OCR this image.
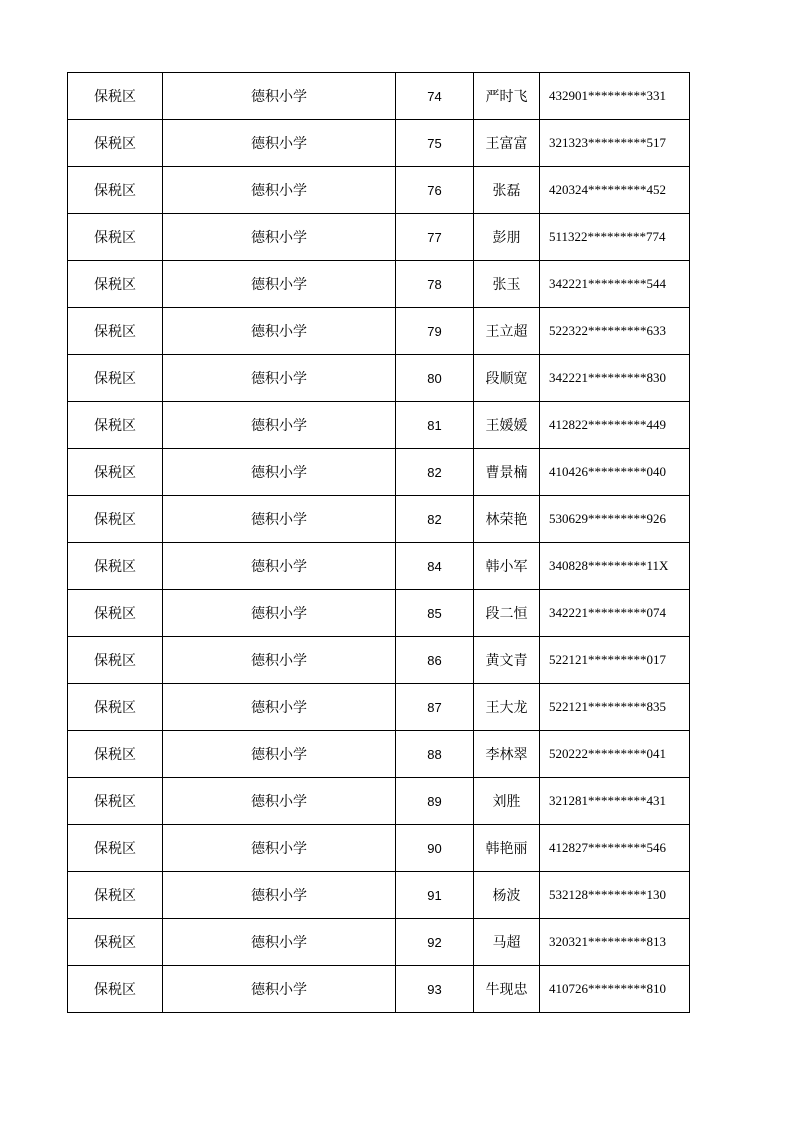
保税区	德积小学	74	严时飞	432901*********331
保税区	德积小学	75	王富富	321323*********517
保税区	德积小学	76	张磊	420324*********452
保税区	德积小学	77	彭朋	511322*********774
保税区	德积小学	78	张玉	342221*********544
保税区	德积小学	79	王立超	522322*********633
保税区	德积小学	80	段顺宽	342221*********830
保税区	德积小学	81	王媛媛	412822*********449
保税区	德积小学	82	曹景楠	410426*********040
保税区	德积小学	82	林荣艳	530629*********926
保税区	德积小学	84	韩小军	340828*********11X
保税区	德积小学	85	段二恒	342221*********074
保税区	德积小学	86	黄文青	522121*********017
保税区	德积小学	87	王大龙	522121*********835
保税区	德积小学	88	李林翠	520222*********041
保税区	德积小学	89	刘胜	321281*********431
保税区	德积小学	90	韩艳丽	412827*********546
保税区	德积小学	91	杨波	532128*********130
保税区	德积小学	92	马超	320321*********813
保税区	德积小学	93	牛现忠	410726*********810
